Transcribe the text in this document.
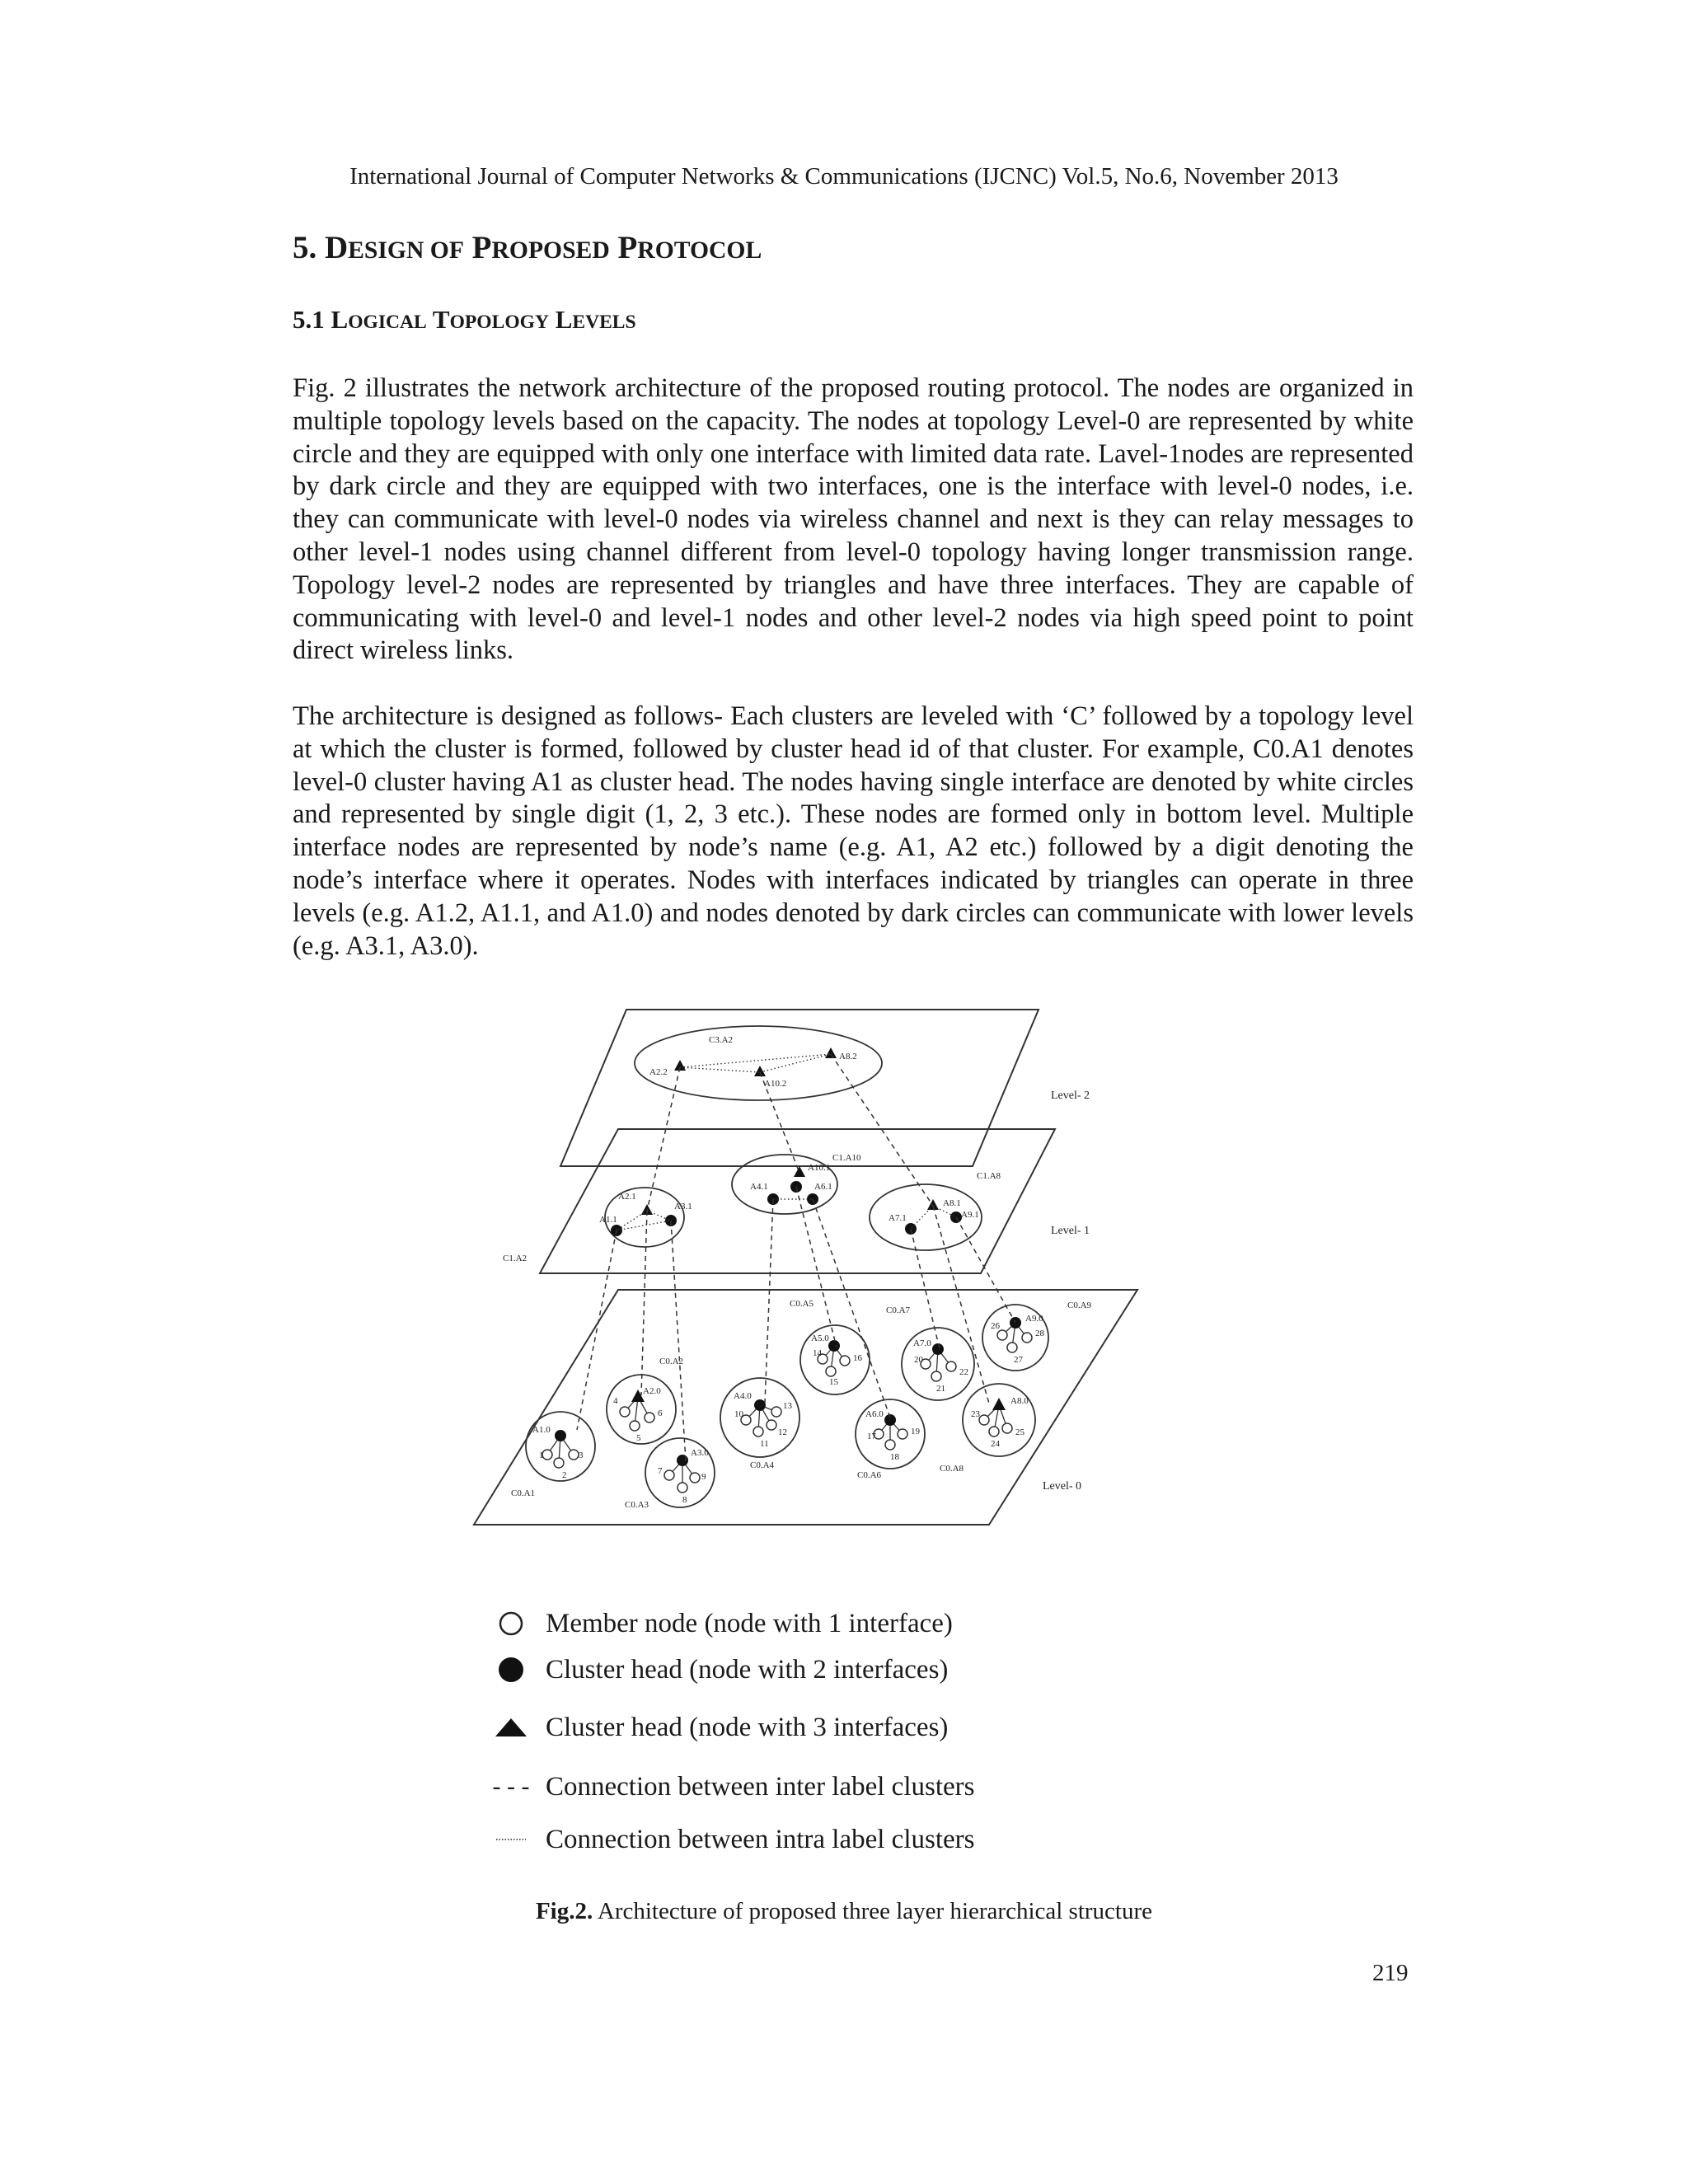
International Journal of Computer Networks & Communications (IJCNC) Vol.5, No.6, November 2013
5. DESIGN OF PROPOSED PROTOCOL
5.1 LOGICAL TOPOLOGY LEVELS

Fig. 2 illustrates the network architecture of the proposed routing protocol. The nodes are organized in multiple topology levels based on the capacity. The nodes at topology Level-0 are represented by white circle and they are equipped with only one interface with limited data rate. Lavel-1nodes are represented by dark circle and they are equipped with two interfaces, one is the interface with level-0 nodes, i.e. they can communicate with level-0 nodes via wireless channel and next is they can relay messages to other level-1 nodes using channel different from level-0 topology having longer transmission range. Topology level-2 nodes are represented by triangles and have three interfaces. They are capable of communicating with level-0 and level-1 nodes and other level-2 nodes via high speed point to point direct wireless links.

The architecture is designed as follows- Each clusters are leveled with ‘C’ followed by a topology level at which the cluster is formed, followed by cluster head id of that cluster. For example, C0.A1 denotes level-0 cluster having A1 as cluster head. The nodes having single interface are denoted by white circles and represented by single digit (1, 2, 3 etc.). These nodes are formed only in bottom level. Multiple interface nodes are represented by node’s name (e.g. A1, A2 etc.) followed by a digit denoting the node’s interface where it operates. Nodes with interfaces indicated by triangles can operate in three levels (e.g. A1.2, A1.1, and A1.0) and nodes denoted by dark circles can communicate with lower levels (e.g. A3.1, A3.0).

Level- 2
Level- 1
Level- 0
C3.A2
A2.2
A10.2
A8.2
C1.A2
C1.A10
C1.A8
A2.1
A1.1
A3.1
A10.1
A4.1	A6.1
A8.1
A7.1	A9.1
C0.A1
C0.A2
C0.A3
C0.A4
C0.A5
C0.A6
C0.A7
C0.A8
C0.A9
1
2
3
A1.0
4
5
6
A2.0
7
8
9
A3.0
10
11
12
13
A4.0
14
15
16
A5.0
17
18
19
A6.0
20
21
22
A7.0
23
24
25
A8.0
26
27
28
A9.0
Member node (node with 1 interface)
Cluster head (node with 2 interfaces)
Cluster head (node with 3 interfaces)
- - - Connection between inter label clusters
Connection between intra label clusters
Fig.2. Architecture of proposed three layer hierarchical structure
219
